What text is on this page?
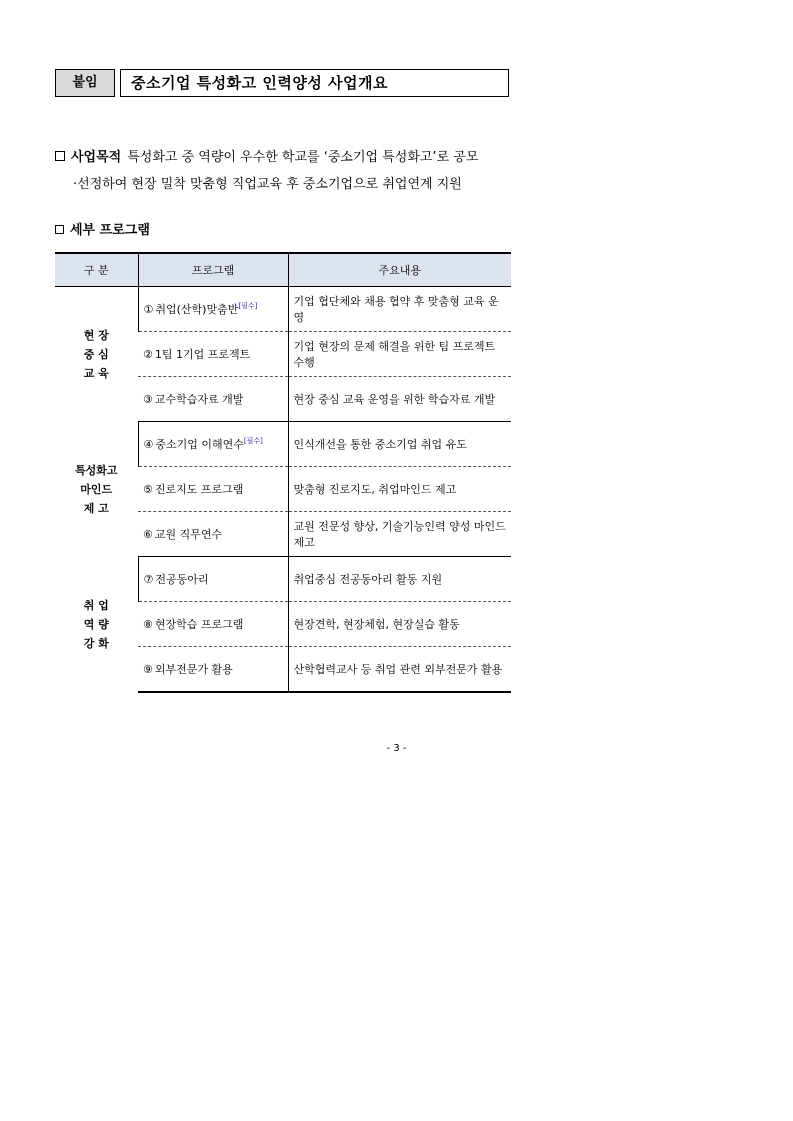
붙임	중소기업 특성화고 인력양성 사업개요
사업목적 특성화고 중 역량이 우수한 학교를 ‘중소기업 특성화고’로 공모
·선정하여 현장 밀착 맞춤형 직업교육 후 중소기업으로 취업연계 지원
세부 프로그램
구 분	프로그램	주요내용
현 장
중 심
교 육	① 취업(산학)맞춤반[필수]	기업 협단체와 채용 협약 후 맞춤형 교육 운영
	② 1팀 1기업 프로젝트	기업 현장의 문제 해결을 위한 팀 프로젝트 수행
	③ 교수학습자료 개발	현장 중심 교육 운영을 위한 학습자료 개발
특성화고
마인드
제 고	④ 중소기업 이해연수[필수]	인식개선을 통한 중소기업 취업 유도
	⑤ 진로지도 프로그램	맞춤형 진로지도, 취업마인드 제고
	⑥ 교원 직무연수	교원 전문성 향상, 기술기능인력 양성 마인드 제고
취 업
역 량
강 화	⑦ 전공동아리	취업중심 전공동아리 활동 지원
	⑧ 현장학습 프로그램	현장견학, 현장체험, 현장실습 활동
	⑨ 외부전문가 활용	산학협력교사 등 취업 관련 외부전문가 활용
- 3 -
